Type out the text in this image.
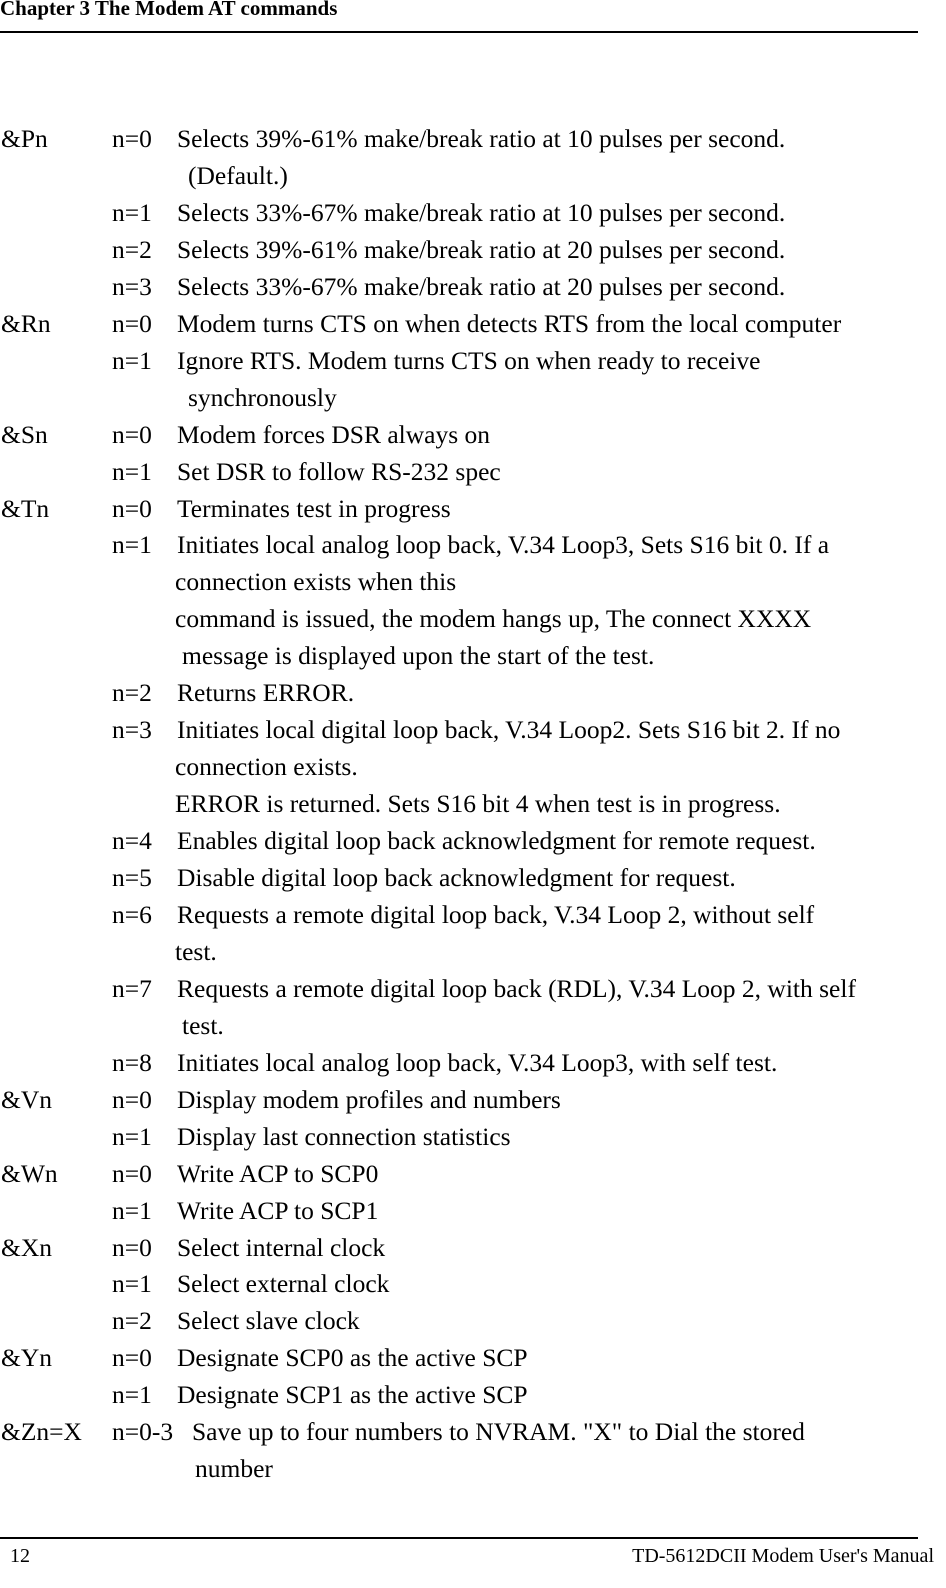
Chapter 3 The Modem AT commands
&Pn	n=0 Selects 39%-61% make/break ratio at 10 pulses per second.
(Default.)
n=1 Selects 33%-67% make/break ratio at 10 pulses per second.
n=2 Selects 39%-61% make/break ratio at 20 pulses per second.
n=3 Selects 33%-67% make/break ratio at 20 pulses per second.
&Rn n=0 Modem turns CTS on when detects RTS from the local computer
n=1 Ignore RTS. Modem turns CTS on when ready to receive
synchronously
&Sn	n=0 Modem forces DSR always on
n=1 Set DSR to follow RS-232 spec
&Tn n=0 Terminates test in progress
n=1 Initiates local analog loop back, V.34 Loop3, Sets S16 bit 0. If a
connection exists when this
command is issued, the modem hangs up, The connect XXXX
message is displayed upon the start of the test.
n=2 Returns ERROR.
n=3 Initiates local digital loop back, V.34 Loop2. Sets S16 bit 2. If no
connection exists.
ERROR is returned. Sets S16 bit 4 when test is in progress.
n=4 Enables digital loop back acknowledgment for remote request.
n=5 Disable digital loop back acknowledgment for request.
n=6 Requests a remote digital loop back, V.34 Loop 2, without self
test.
n=7 Requests a remote digital loop back (RDL), V.34 Loop 2, with self
test.
n=8 Initiates local analog loop back, V.34 Loop3, with self test.
&Vn n=0 Display modem profiles and numbers
n=1 Display last connection statistics
&Wn n=0 Write ACP to SCP0
n=1 Write ACP to SCP1
&Xn n=0 Select internal clock
n=1 Select external clock
n=2 Select slave clock
&Yn n=0 Designate SCP0 as the active SCP
n=1 Designate SCP1 as the active SCP
&Zn=X n=0-3 Save up to four numbers to NVRAM. "X" to Dial the stored
number
12	TD-5612DCII Modem User's Manual
